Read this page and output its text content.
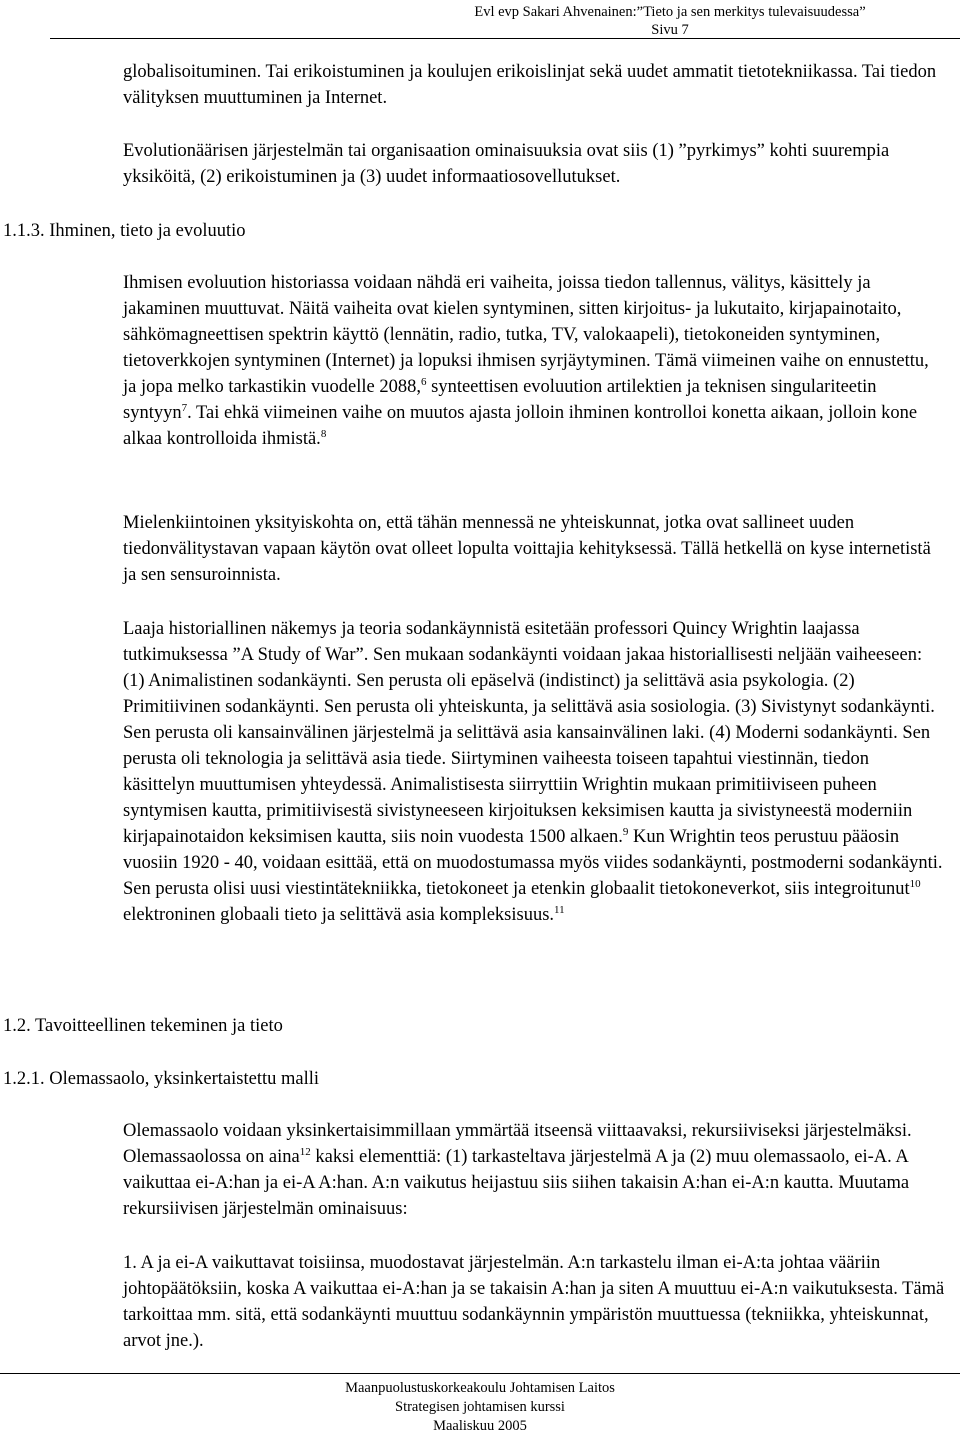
Evl evp Sakari Ahvenainen:”Tieto ja sen merkitys tulevaisuudessa”
Sivu 7

globalisoituminen. Tai erikoistuminen ja koulujen erikoislinjat sekä uudet ammatit tietotekniikassa. Tai tiedon välityksen muuttuminen ja Internet.

Evolutionäärisen järjestelmän tai organisaation ominaisuuksia ovat siis (1) ”pyrkimys” kohti suurempia yksiköitä, (2) erikoistuminen ja (3) uudet informaatiosovellutukset.

1.1.3. Ihminen, tieto ja evoluutio

Ihmisen evoluution historiassa voidaan nähdä eri vaiheita, joissa tiedon tallennus, välitys, käsittely ja jakaminen muuttuvat. Näitä vaiheita ovat kielen syntyminen, sitten kirjoitus- ja lukutaito, kirjapainotaito, sähkömagneettisen spektrin käyttö (lennätin, radio, tutka, TV, valokaapeli), tietokoneiden syntyminen, tietoverkkojen syntyminen (Internet) ja lopuksi ihmisen syrjäytyminen. Tämä viimeinen vaihe on ennustettu, ja jopa melko tarkastikin vuodelle 2088,$^6$ synteettisen evoluution artilektien ja teknisen singulariteetin syntyyn$^7$. Tai ehkä viimeinen vaihe on muutos ajasta jolloin ihminen kontrolloi konetta aikaan, jolloin kone alkaa kontrolloida ihmistä.$^8$

Mielenkiintoinen yksityiskohta on, että tähän mennessä ne yhteiskunnat, jotka ovat sallineet uuden tiedonvälitystavan vapaan käytön ovat olleet lopulta voittajia kehityksessä. Tällä hetkellä on kyse internetistä ja sen sensuroinnista.

Laaja historiallinen näkemys ja teoria sodankäynnistä esitetään professori Quincy Wrightin laajassa tutkimuksessa ”A Study of War”. Sen mukaan sodankäynti voidaan jakaa historiallisesti neljään vaiheeseen: (1) Animalistinen sodankäynti. Sen perusta oli epäselvä (indistinct) ja selittävä asia psykologia. (2) Primitiivinen sodankäynti. Sen perusta oli yhteiskunta, ja selittävä asia sosiologia. (3) Sivistynyt sodankäynti. Sen perusta oli kansainvälinen järjestelmä ja selittävä asia kansainvälinen laki. (4) Moderni sodankäynti. Sen perusta oli teknologia ja selittävä asia tiede. Siirtyminen vaiheesta toiseen tapahtui viestinnän, tiedon käsittelyn muuttumisen yhteydessä. Animalistisesta siirryttiin Wrightin mukaan primitiiviseen puheen syntymisen kautta, primitiivisestä sivistyneeseen kirjoituksen keksimisen kautta ja sivistyneestä moderniin kirjapainotaidon keksimisen kautta, siis noin vuodesta 1500 alkaen.$^9$ Kun Wrightin teos perustuu pääosin vuosiin 1920 - 40, voidaan esittää, että on muodostumassa myös viides sodankäynti, postmoderni sodankäynti. Sen perusta olisi uusi viestintätekniikka, tietokoneet ja etenkin globaalit tietokoneverkot, siis integroitunut$^{10}$ elektroninen globaali tieto ja selittävä asia kompleksisuus.$^{11}$

1.2. Tavoitteellinen tekeminen ja tieto
1.2.1. Olemassaolo, yksinkertaistettu malli

Olemassaolo voidaan yksinkertaisimmillaan ymmärtää itseensä viittaavaksi, rekursiiviseksi järjestelmäksi. Olemassaolossa on aina$^{12}$ kaksi elementtiä: (1) tarkasteltava järjestelmä A ja (2) muu olemassaolo, ei-A. A vaikuttaa ei-A:han ja ei-A A:han. A:n vaikutus heijastuu siis siihen takaisin A:han ei-A:n kautta. Muutama rekursiivisen järjestelmän ominaisuus:

1. A ja ei-A vaikuttavat toisiinsa, muodostavat järjestelmän. A:n tarkastelu ilman ei-A:ta johtaa vääriin johtopäätöksiin, koska A vaikuttaa ei-A:han ja se takaisin A:han ja siten A muuttuu ei-A:n vaikutuksesta. Tämä tarkoittaa mm. sitä, että sodankäynti muuttuu sodankäynnin ympäristön muuttuessa (tekniikka, yhteiskunnat, arvot jne.).

Maanpuolustuskorkeakoulu Johtamisen Laitos
Strategisen johtamisen kurssi
Maaliskuu 2005
